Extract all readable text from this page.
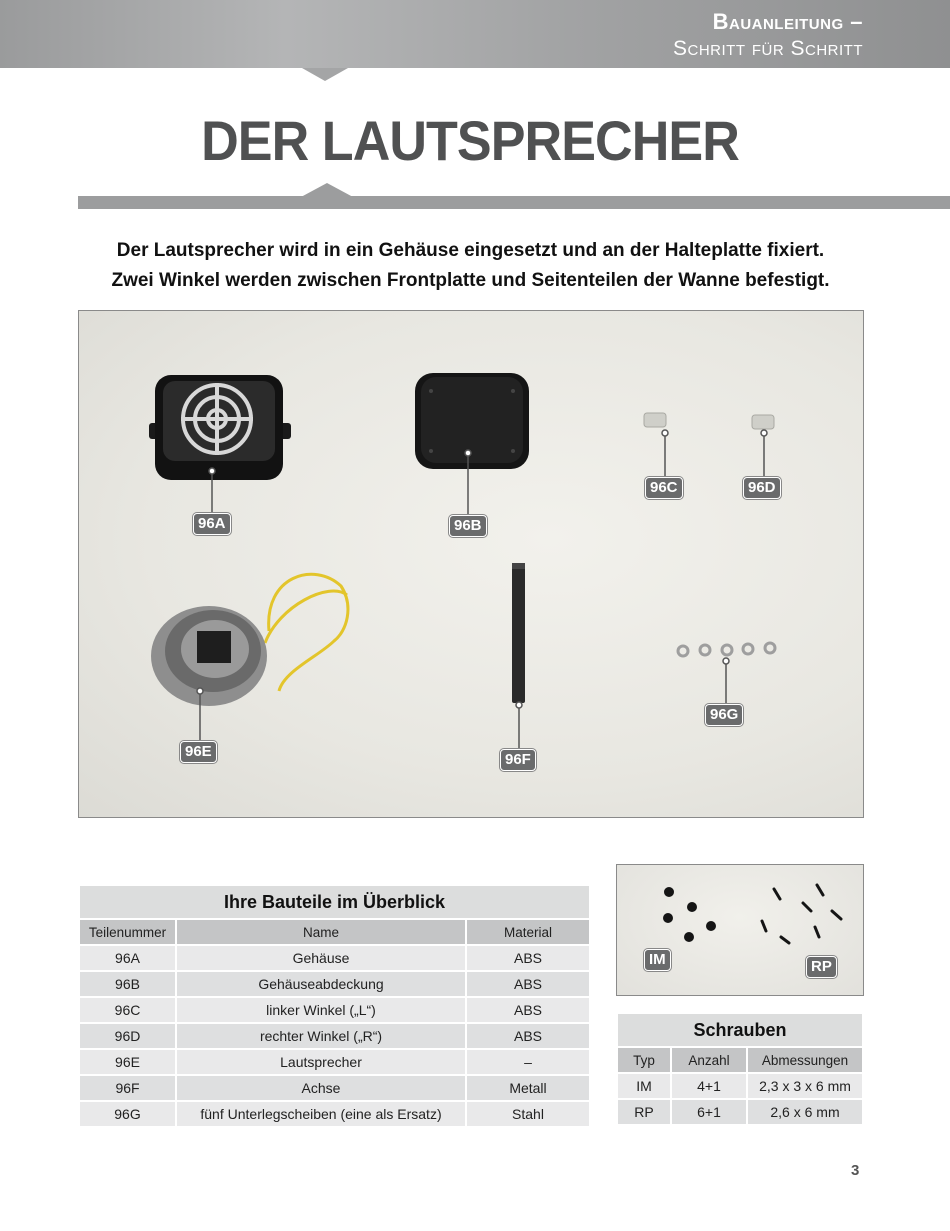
Bauanleitung –
Schritt für Schritt
DER LAUTSPRECHER
Der Lautsprecher wird in ein Gehäuse eingesetzt und an der Halteplatte fixiert.
Zwei Winkel werden zwischen Frontplatte und Seitenteilen der Wanne befestigt.
96A	96B
96C	96D
96E	96F
96G
Ihre Bauteile im Überblick		
Teilenummer	Name	Material
96A	Gehäuse	ABS
96B	Gehäuseabdeckung	ABS
96C	linker Winkel („L“)	ABS
96D	rechter Winkel („R“)	ABS
96E	Lautsprecher	–
96F	Achse	Metall
96G	fünf Unterlegscheiben (eine als Ersatz)	Stahl
IM	RP
Schrauben		
Typ	Anzahl	Abmessungen
IM	4+1	2,3 x 3 x 6 mm
RP	6+1	2,6 x 6 mm
3
